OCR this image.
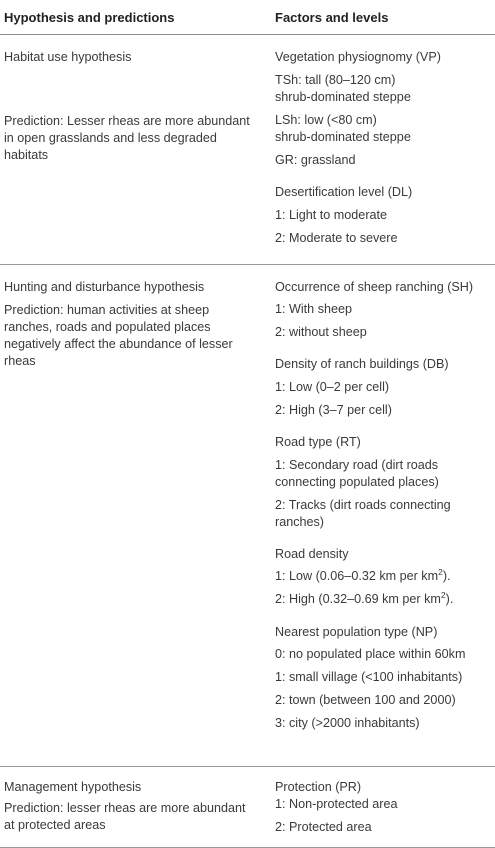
Hypothesis and predictions	Factors and levels

Habitat use hypothesis

Prediction: Lesser rheas are more abundant

in open grasslands and less degraded

habitats

Vegetation physiognomy (VP)

TSh: tall (80–120 cm)

shrub-dominated steppe

LSh: low (<80 cm)

shrub-dominated steppe

GR: grassland

Desertification level (DL)

1: Light to moderate

2: Moderate to severe

Hunting and disturbance hypothesis

Prediction: human activities at sheep

ranches, roads and populated places

negatively affect the abundance of lesser

rheas

Occurrence of sheep ranching (SH)

1: With sheep

2: without sheep

Density of ranch buildings (DB)

1: Low (0–2 per cell)

2: High (3–7 per cell)

Road type (RT)

1: Secondary road (dirt roads

connecting populated places)

2: Tracks (dirt roads connecting

ranches)

Road density

1: Low (0.06–0.32 km per $km^2$).

2: High (0.32–0.69 km per $km^2$).

Nearest population type (NP)

0: no populated place within 60km

1: small village (<100 inhabitants)

2: town (between 100 and 2000)

3: city (>2000 inhabitants)

Management hypothesis

Prediction: lesser rheas are more abundant

at protected areas

Protection (PR)

1: Non-protected area

2: Protected area
